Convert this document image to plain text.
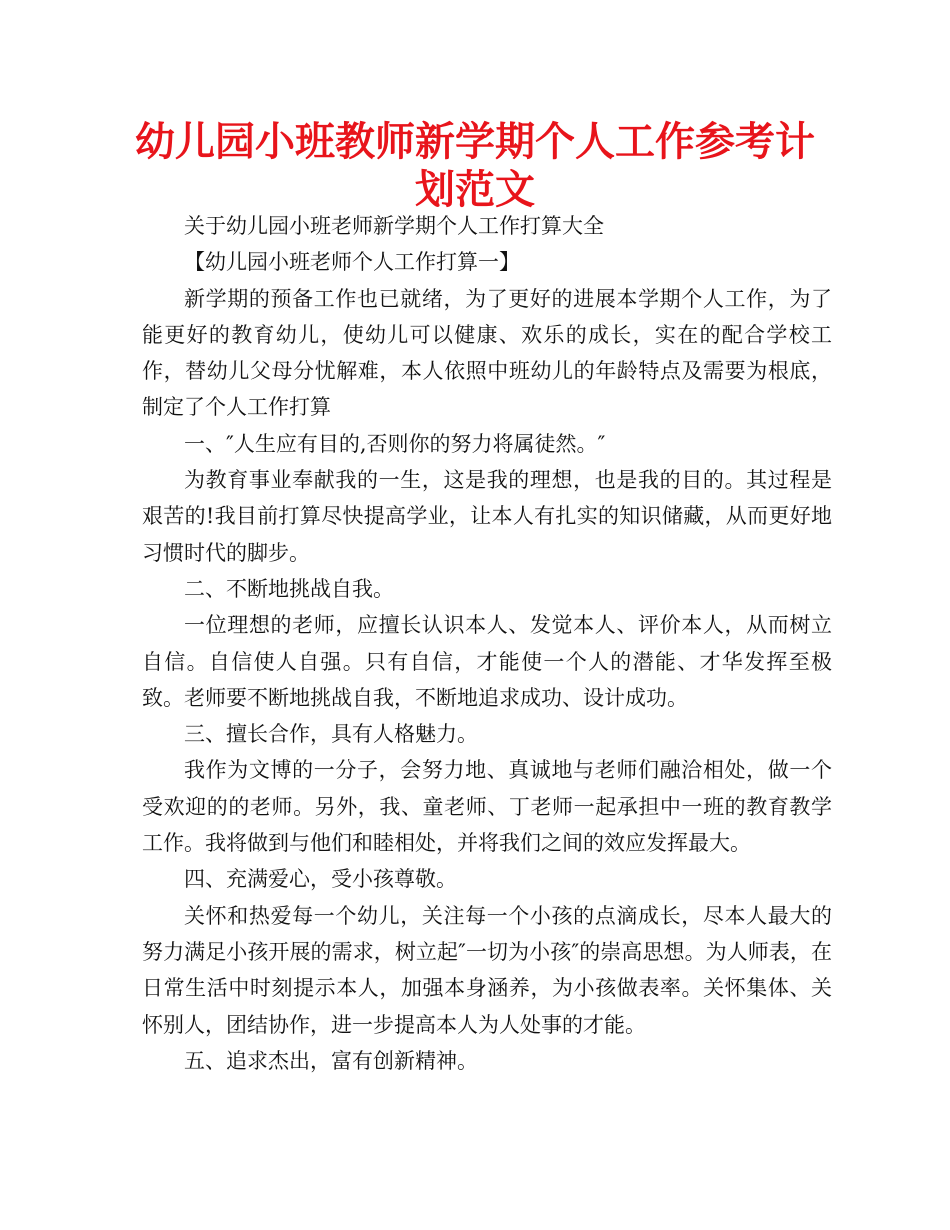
幼儿园小班教师新学期个人工作参考计划范文

关于幼儿园小班老师新学期个人工作打算大全

【幼儿园小班老师个人工作打算一】

新学期的预备工作也已就绪，为了更好的进展本学期个人工作，为了能更好的教育幼儿，使幼儿可以健康、欢乐的成长，实在的配合学校工作，替幼儿父母分忧解难，本人依照中班幼儿的年龄特点及需要为根底，制定了个人工作打算

一、″人生应有目的,否则你的努力将属徒然。″

为教育事业奉献我的一生，这是我的理想，也是我的目的。其过程是艰苦的!我目前打算尽快提高学业，让本人有扎实的知识储藏，从而更好地习惯时代的脚步。

二、不断地挑战自我。

一位理想的老师，应擅长认识本人、发觉本人、评价本人，从而树立自信。自信使人自强。只有自信，才能使一个人的潜能、才华发挥至极致。老师要不断地挑战自我，不断地追求成功、设计成功。

三、擅长合作，具有人格魅力。

我作为文博的一分子，会努力地、真诚地与老师们融洽相处，做一个受欢迎的的老师。另外，我、童老师、丁老师一起承担中一班的教育教学工作。我将做到与他们和睦相处，并将我们之间的效应发挥最大。

四、充满爱心，受小孩尊敬。

关怀和热爱每一个幼儿，关注每一个小孩的点滴成长，尽本人最大的努力满足小孩开展的需求，树立起″一切为小孩″的崇高思想。为人师表，在日常生活中时刻提示本人，加强本身涵养，为小孩做表率。关怀集体、关怀别人，团结协作，进一步提高本人为人处事的才能。

五、追求杰出，富有创新精神。
